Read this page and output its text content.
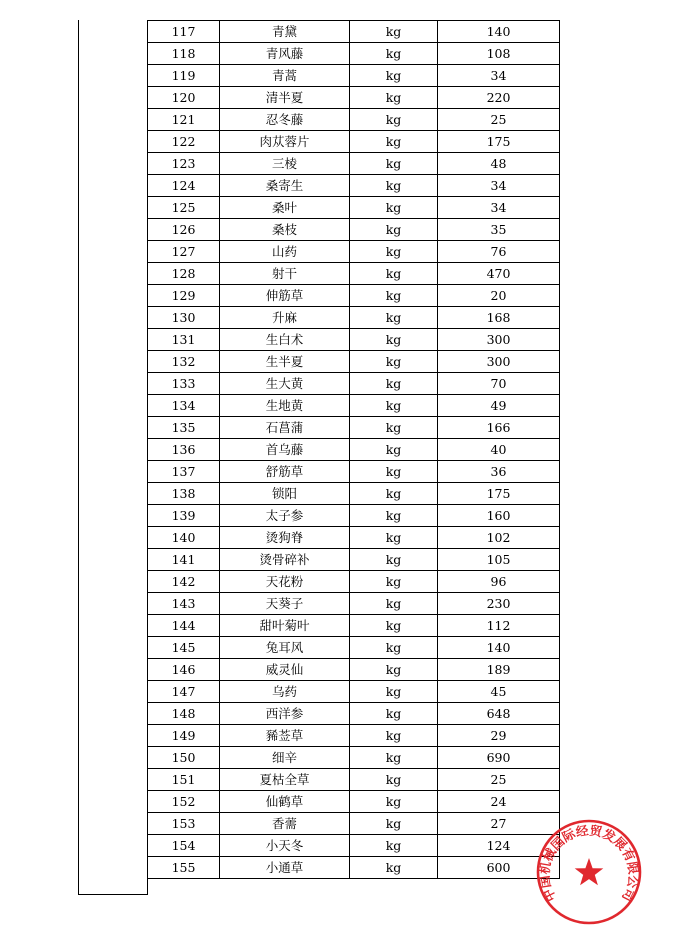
117	青黛	kg	140
118	青风藤	kg	108
119	青蒿	kg	34
120	清半夏	kg	220
121	忍冬藤	kg	25
122	肉苁蓉片	kg	175
123	三棱	kg	48
124	桑寄生	kg	34
125	桑叶	kg	34
126	桑枝	kg	35
127	山药	kg	76
128	射干	kg	470
129	伸筋草	kg	20
130	升麻	kg	168
131	生白术	kg	300
132	生半夏	kg	300
133	生大黄	kg	70
134	生地黄	kg	49
135	石菖蒲	kg	166
136	首乌藤	kg	40
137	舒筋草	kg	36
138	锁阳	kg	175
139	太子参	kg	160
140	烫狗脊	kg	102
141	烫骨碎补	kg	105
142	天花粉	kg	96
143	天葵子	kg	230
144	甜叶菊叶	kg	112
145	兔耳风	kg	140
146	威灵仙	kg	189
147	乌药	kg	45
148	西洋参	kg	648
149	豨莶草	kg	29
150	细辛	kg	690
151	夏枯全草	kg	25
152	仙鹤草	kg	24
153	香薷	kg	27
154	小天冬	kg	124
155	小通草	kg	600
中国机械国际经贸发展有限公司
